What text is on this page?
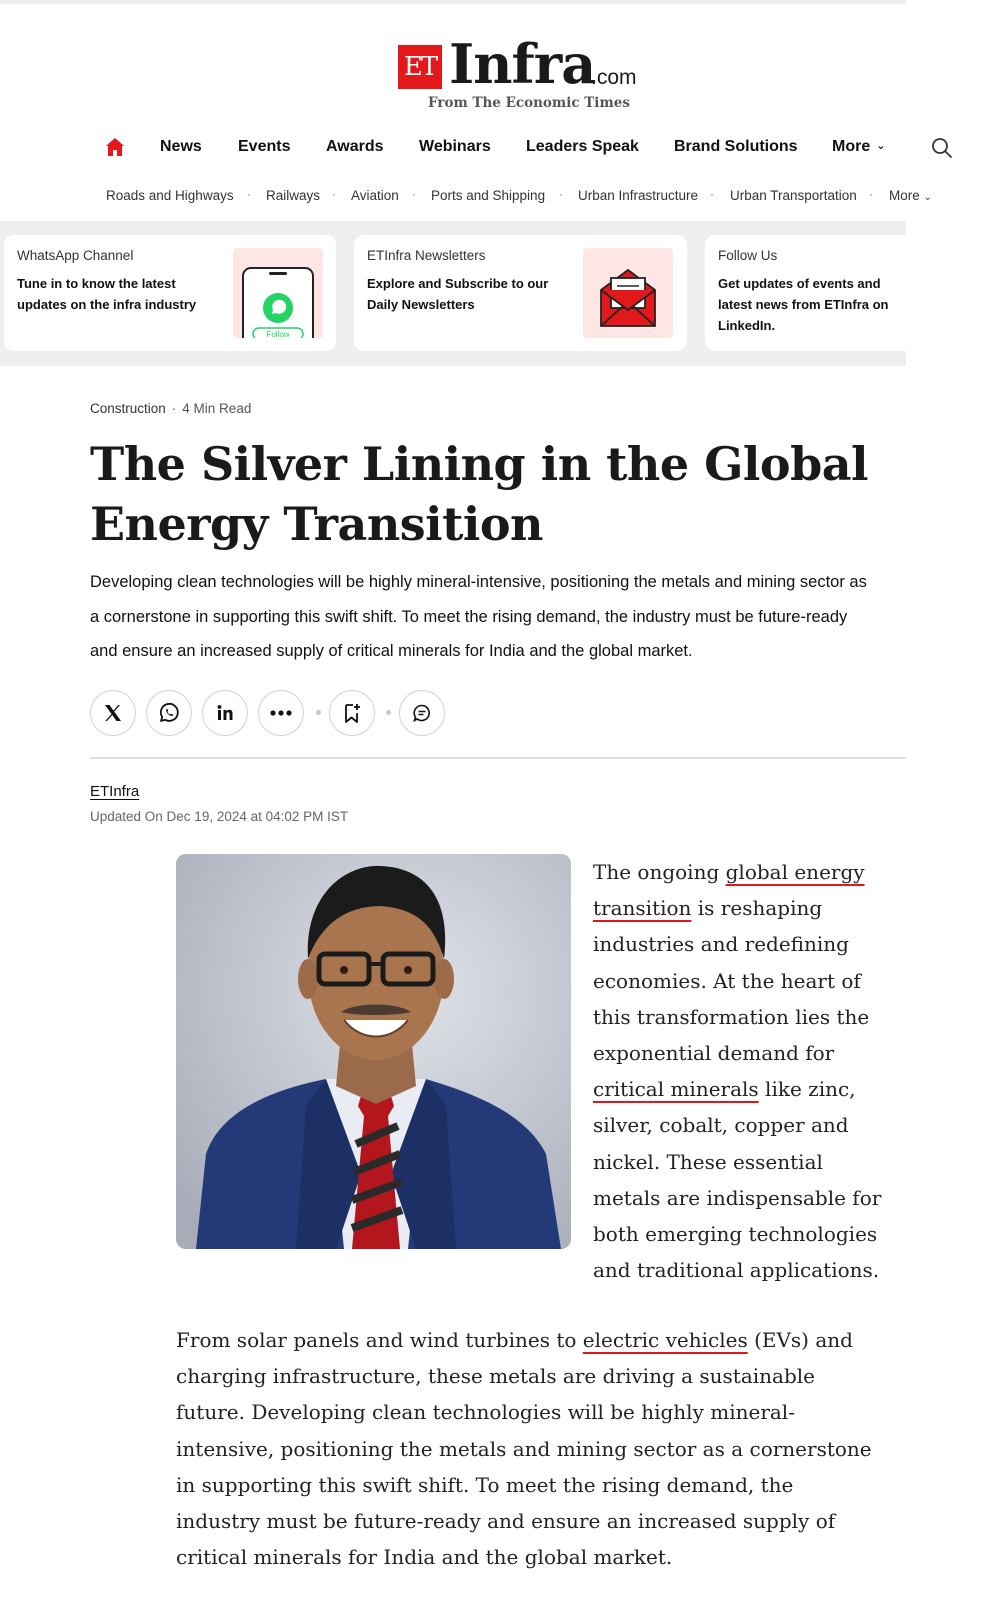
ET Infra
.com
From The Economic Times
News Events Awards Webinars Leaders Speak Brand Solutions More ⌄
Roads and Highways · Railways · Aviation · Ports and Shipping · Urban Infrastructure · Urban Transportation · More ⌄
WhatsApp Channel
Tune in to know the latest updates on the infra industry
Follow
ETInfra Newsletters
Explore and Subscribe to our Daily Newsletters
Follow Us
Get updates of events and latest news from ETInfra on LinkedIn.
Construction · 4 Min Read
The Silver Lining in the Global
Energy Transition
Developing clean technologies will be highly mineral-intensive, positioning the metals and mining sector as
a cornerstone in supporting this swift shift. To meet the rising demand, the industry must be future-ready
and ensure an increased supply of critical minerals for India and the global market.
ETInfra
Updated On Dec 19, 2024 at 04:02 PM IST

The ongoing global energy transition is reshaping industries and redefining economies. At the heart of this transformation lies the exponential demand for critical minerals like zinc, silver, cobalt, copper and nickel. These essential metals are indispensable for both emerging technologies and traditional applications.

From solar panels and wind turbines to electric vehicles (EVs) and charging infrastructure, these metals are driving a sustainable future. Developing clean technologies will be highly mineral-intensive, positioning the metals and mining sector as a cornerstone in supporting this swift shift. To meet the rising demand, the industry must be future-ready and ensure an increased supply of critical minerals for India and the global market.
